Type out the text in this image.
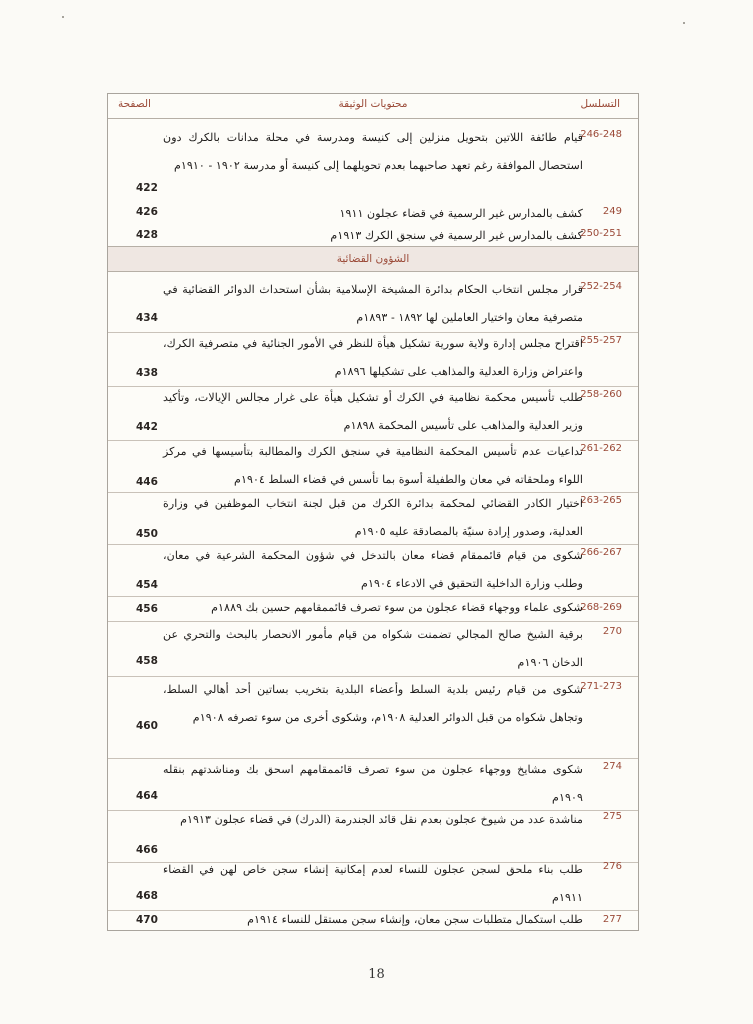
التسلسل
محتويات الوثيقة
الصفحة
246-248
قيام طائفة اللاتين بتحويل منزلين إلى كنيسة ومدرسة في محلة مدانات بالكرك دون استحصال الموافقة رغم تعهد صاحبهما بعدم تحويلهما إلى كنيسة أو مدرسة ١٩٠٢ - ١٩١٠م
422
249
كشف بالمدارس غير الرسمية في قضاء عجلون ١٩١١
426
250-251
كشف بالمدارس غير الرسمية في سنجق الكرك ١٩١٣م
428
الشؤون القضائية
252-254
قرار مجلس انتخاب الحكام بدائرة المشيخة الإسلامية بشأن استحداث الدوائر القضائية في متصرفية معان واختيار العاملين لها ١٨٩٢ - ١٨٩٣م
434
255-257
اقتراح مجلس إدارة ولاية سورية تشكيل هيأة للنظر في الأمور الجنائية في متصرفية الكرك، واعتراض وزارة العدلية والمذاهب على تشكيلها ١٨٩٦م
438
258-260
طلب تأسيس محكمة نظامية في الكرك أو تشكيل هيأة على غرار مجالس الإيالات، وتأكيد وزير العدلية والمذاهب على تأسيس المحكمة ١٨٩٨م
442
261-262
تداعيات عدم تأسيس المحكمة النظامية في سنجق الكرك والمطالبة بتأسيسها في مركز اللواء وملحقاته في معان والطفيلة أسوة بما تأسس في قضاء السلط ١٩٠٤م
446
263-265
اختيار الكادر القضائي لمحكمة بدائرة الكرك من قبل لجنة انتخاب الموظفين في وزارة العدلية، وصدور إرادة سنيّة بالمصادقة عليه ١٩٠٥م
450
266-267
شكوى من قيام قائممقام قضاء معان بالتدخل في شؤون المحكمة الشرعية في معان، وطلب وزارة الداخلية التحقيق في الادعاء ١٩٠٤م
454
268-269
شكوى علماء ووجهاء قضاء عجلون من سوء تصرف قائممقامهم حسين بك ١٨٨٩م
456
270
برقية الشيخ صالح المجالي تضمنت شكواه من قيام مأمور الانحصار بالبحث والتحري عن الدخان ١٩٠٦م
458
271-273
شكوى من قيام رئيس بلدية السلط وأعضاء البلدية بتخريب بساتين أحد أهالي السلط، وتجاهل شكواه من قبل الدوائر العدلية ١٩٠٨م، وشكوى أخرى من سوء تصرفه ١٩٠٨م
460
274
شكوى مشايخ ووجهاء عجلون من سوء تصرف قائممقامهم اسحق بك ومناشدتهم بنقله ١٩٠٩م
464
275
مناشدة عدد من شيوخ عجلون بعدم نقل قائد الجندرمة (الدرك) في قضاء عجلون ١٩١٣م
466
276
طلب بناء ملحق لسجن عجلون للنساء لعدم إمكانية إنشاء سجن خاص لهن في القضاء ١٩١١م
468
277
طلب استكمال متطلبات سجن معان، وإنشاء سجن مستقل للنساء ١٩١٤م
470
18
